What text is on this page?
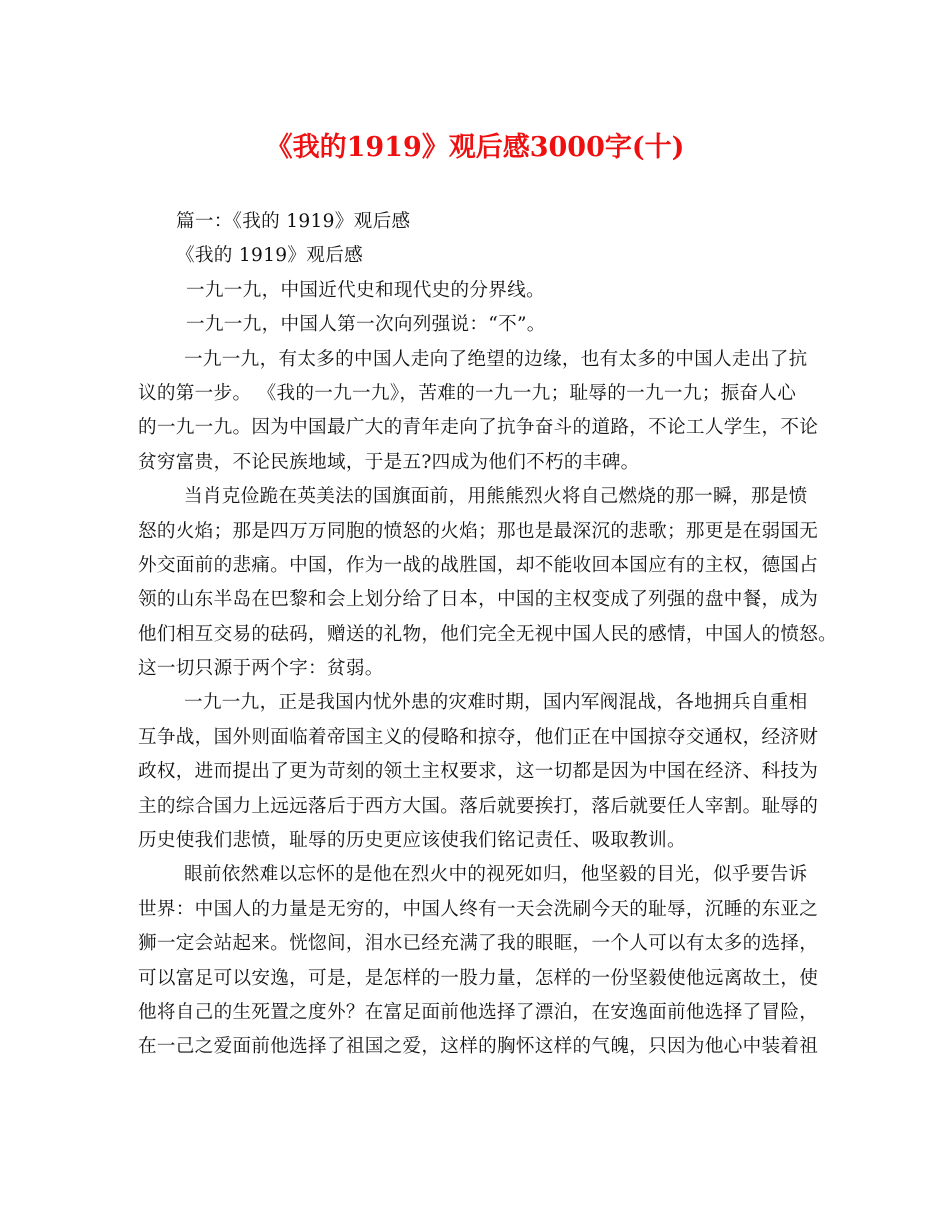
《我的1919》观后感3000字(十)
篇一：《我的 1919》观后感
《我的 1919》观后感
一九一九，中国近代史和现代史的分界线。
一九一九，中国人第一次向列强说：“不”。
一九一九，有太多的中国人走向了绝望的边缘，也有太多的中国人走出了抗
议的第一步。 《我的一九一九》，苦难的一九一九；耻辱的一九一九；振奋人心
的一九一九。因为中国最广大的青年走向了抗争奋斗的道路，不论工人学生，不论
贫穷富贵，不论民族地域，于是五?四成为他们不朽的丰碑。
当肖克俭跪在英美法的国旗面前，用熊熊烈火将自己燃烧的那一瞬，那是愤
怒的火焰；那是四万万同胞的愤怒的火焰；那也是最深沉的悲歌；那更是在弱国无
外交面前的悲痛。中国，作为一战的战胜国，却不能收回本国应有的主权，德国占
领的山东半岛在巴黎和会上划分给了日本，中国的主权变成了列强的盘中餐，成为
他们相互交易的砝码，赠送的礼物，他们完全无视中国人民的感情，中国人的愤怒。
这一切只源于两个字：贫弱。
一九一九，正是我国内忧外患的灾难时期，国内军阀混战，各地拥兵自重相
互争战，国外则面临着帝国主义的侵略和掠夺，他们正在中国掠夺交通权，经济财
政权，进而提出了更为苛刻的领土主权要求，这一切都是因为中国在经济、科技为
主的综合国力上远远落后于西方大国。落后就要挨打，落后就要任人宰割。耻辱的
历史使我们悲愤，耻辱的历史更应该使我们铭记责任、吸取教训。
眼前依然难以忘怀的是他在烈火中的视死如归，他坚毅的目光，似乎要告诉
世界：中国人的力量是无穷的，中国人终有一天会洗刷今天的耻辱，沉睡的东亚之
狮一定会站起来。恍惚间，泪水已经充满了我的眼眶，一个人可以有太多的选择，
可以富足可以安逸，可是，是怎样的一股力量，怎样的一份坚毅使他远离故土，使
他将自己的生死置之度外？在富足面前他选择了漂泊，在安逸面前他选择了冒险，
在一己之爱面前他选择了祖国之爱，这样的胸怀这样的气魄，只因为他心中装着祖
